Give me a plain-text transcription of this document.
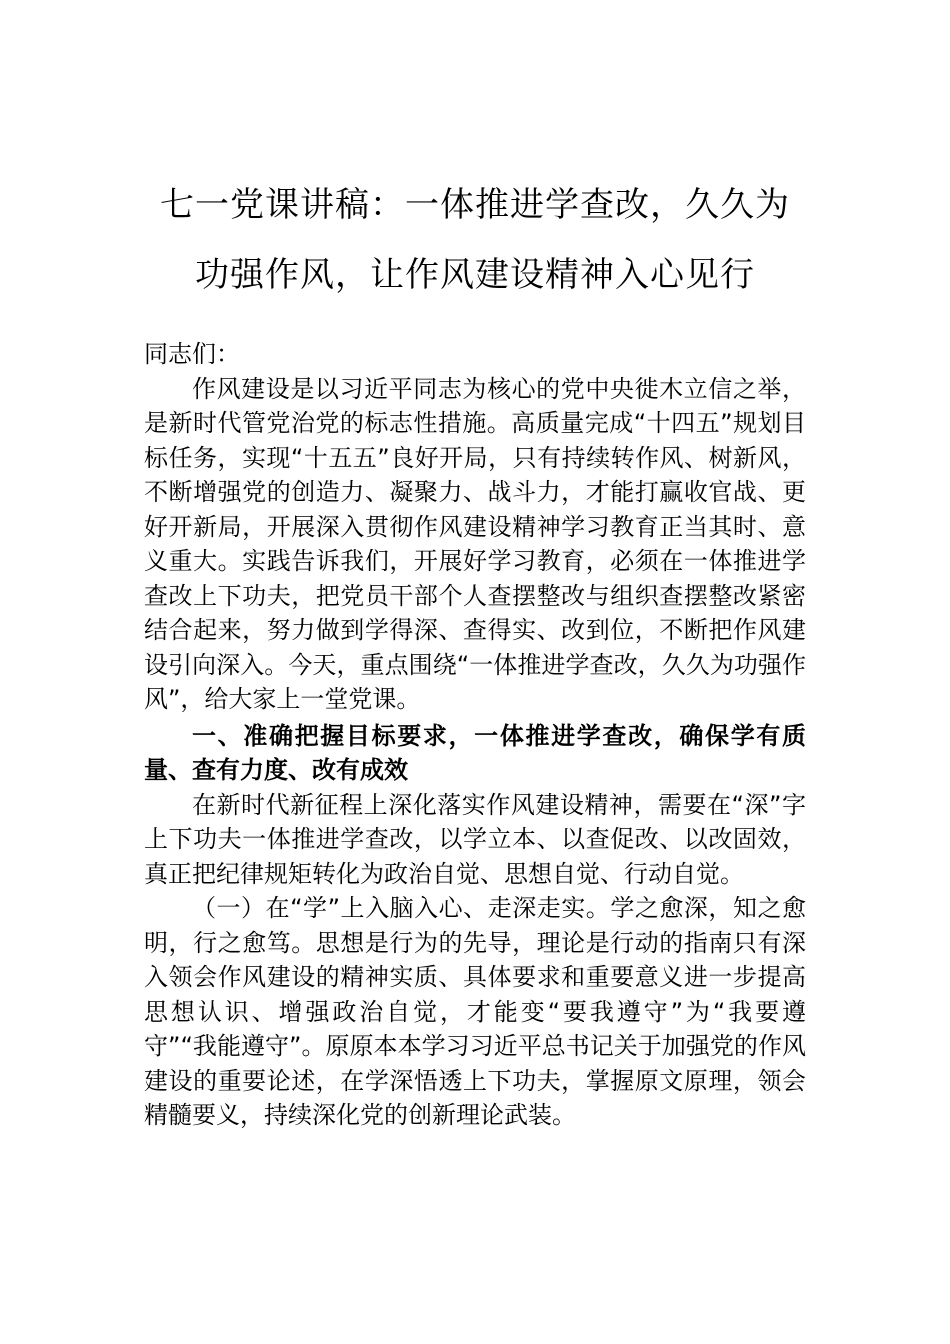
七一党课讲稿：一体推进学查改，久久为
功强作风，让作风建设精神入心见行

同志们：

作风建设是以习近平同志为核心的党中央徙木立信之举，是新时代管党治党的标志性措施。高质量完成“十四五”规划目标任务，实现“十五五”良好开局，只有持续转作风、树新风，不断增强党的创造力、凝聚力、战斗力，才能打赢收官战、更好开新局，开展深入贯彻作风建设精神学习教育正当其时、意义重大。实践告诉我们，开展好学习教育，必须在一体推进学查改上下功夫，把党员干部个人查摆整改与组织查摆整改紧密结合起来，努力做到学得深、查得实、改到位，不断把作风建设引向深入。今天，重点围绕“一体推进学查改，久久为功强作风”，给大家上一堂党课。

一、准确把握目标要求，一体推进学查改，确保学有质量、查有力度、改有成效

在新时代新征程上深化落实作风建设精神，需要在“深”字上下功夫一体推进学查改，以学立本、以查促改、以改固效，真正把纪律规矩转化为政治自觉、思想自觉、行动自觉。

（一）在“学”上入脑入心、走深走实。学之愈深，知之愈明，行之愈笃。思想是行为的先导，理论是行动的指南只有深入领会作风建设的精神实质、具体要求和重要意义进一步提高思想认识、增强政治自觉，才能变“要我遵守”为“我要遵守”“我能遵守”。原原本本学习习近平总书记关于加强党的作风建设的重要论述，在学深悟透上下功夫，掌握原文原理，领会精髓要义，持续深化党的创新理论武装。
